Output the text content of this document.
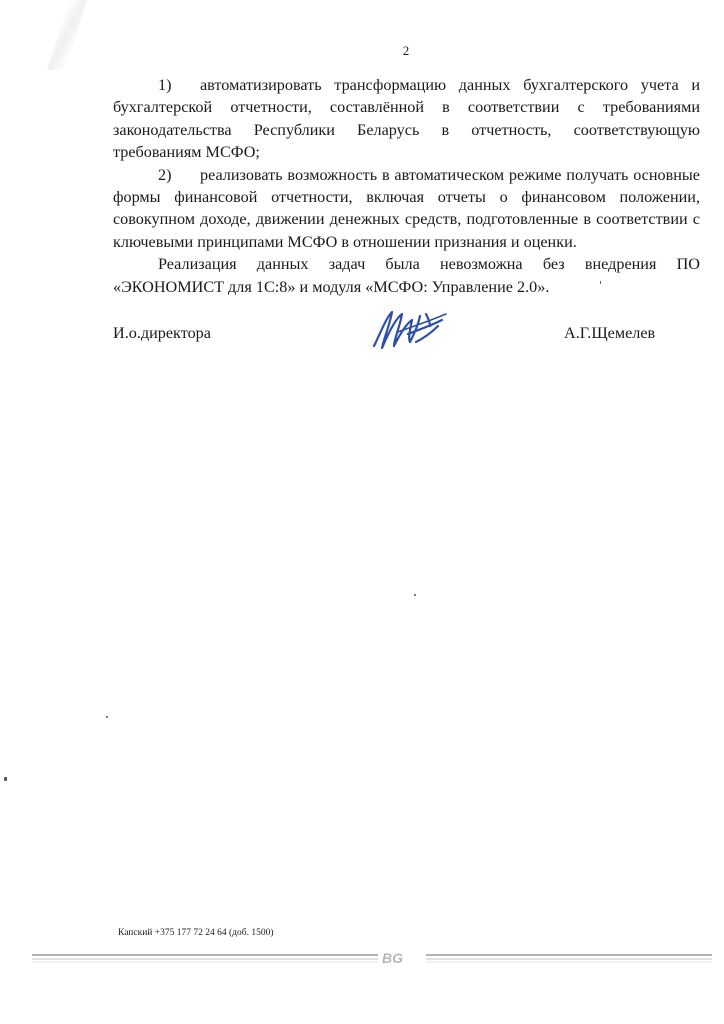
2

1) автоматизировать трансформацию данных бухгалтерского учета и бухгалтерской отчетности, составлённой в соответствии с требованиями законодательства Республики Беларусь в отчетность, соответствующую требованиям МСФО;

2) реализовать возможность в автоматическом режиме получать основные формы финансовой отчетности, включая отчеты о финансовом положении, совокупном доходе, движении денежных средств, подготовленные в соответствии с ключевыми принципами МСФО в отношении признания и оценки.

Реализация данных задач была невозможна без внедрения ПО «ЭКОНОМИСТ для 1С:8» и модуля «МСФО: Управление 2.0».

И.о.директора	А.Г.Щемелев
Капский +375 177 72 24 64 (доб. 1500)
BG
